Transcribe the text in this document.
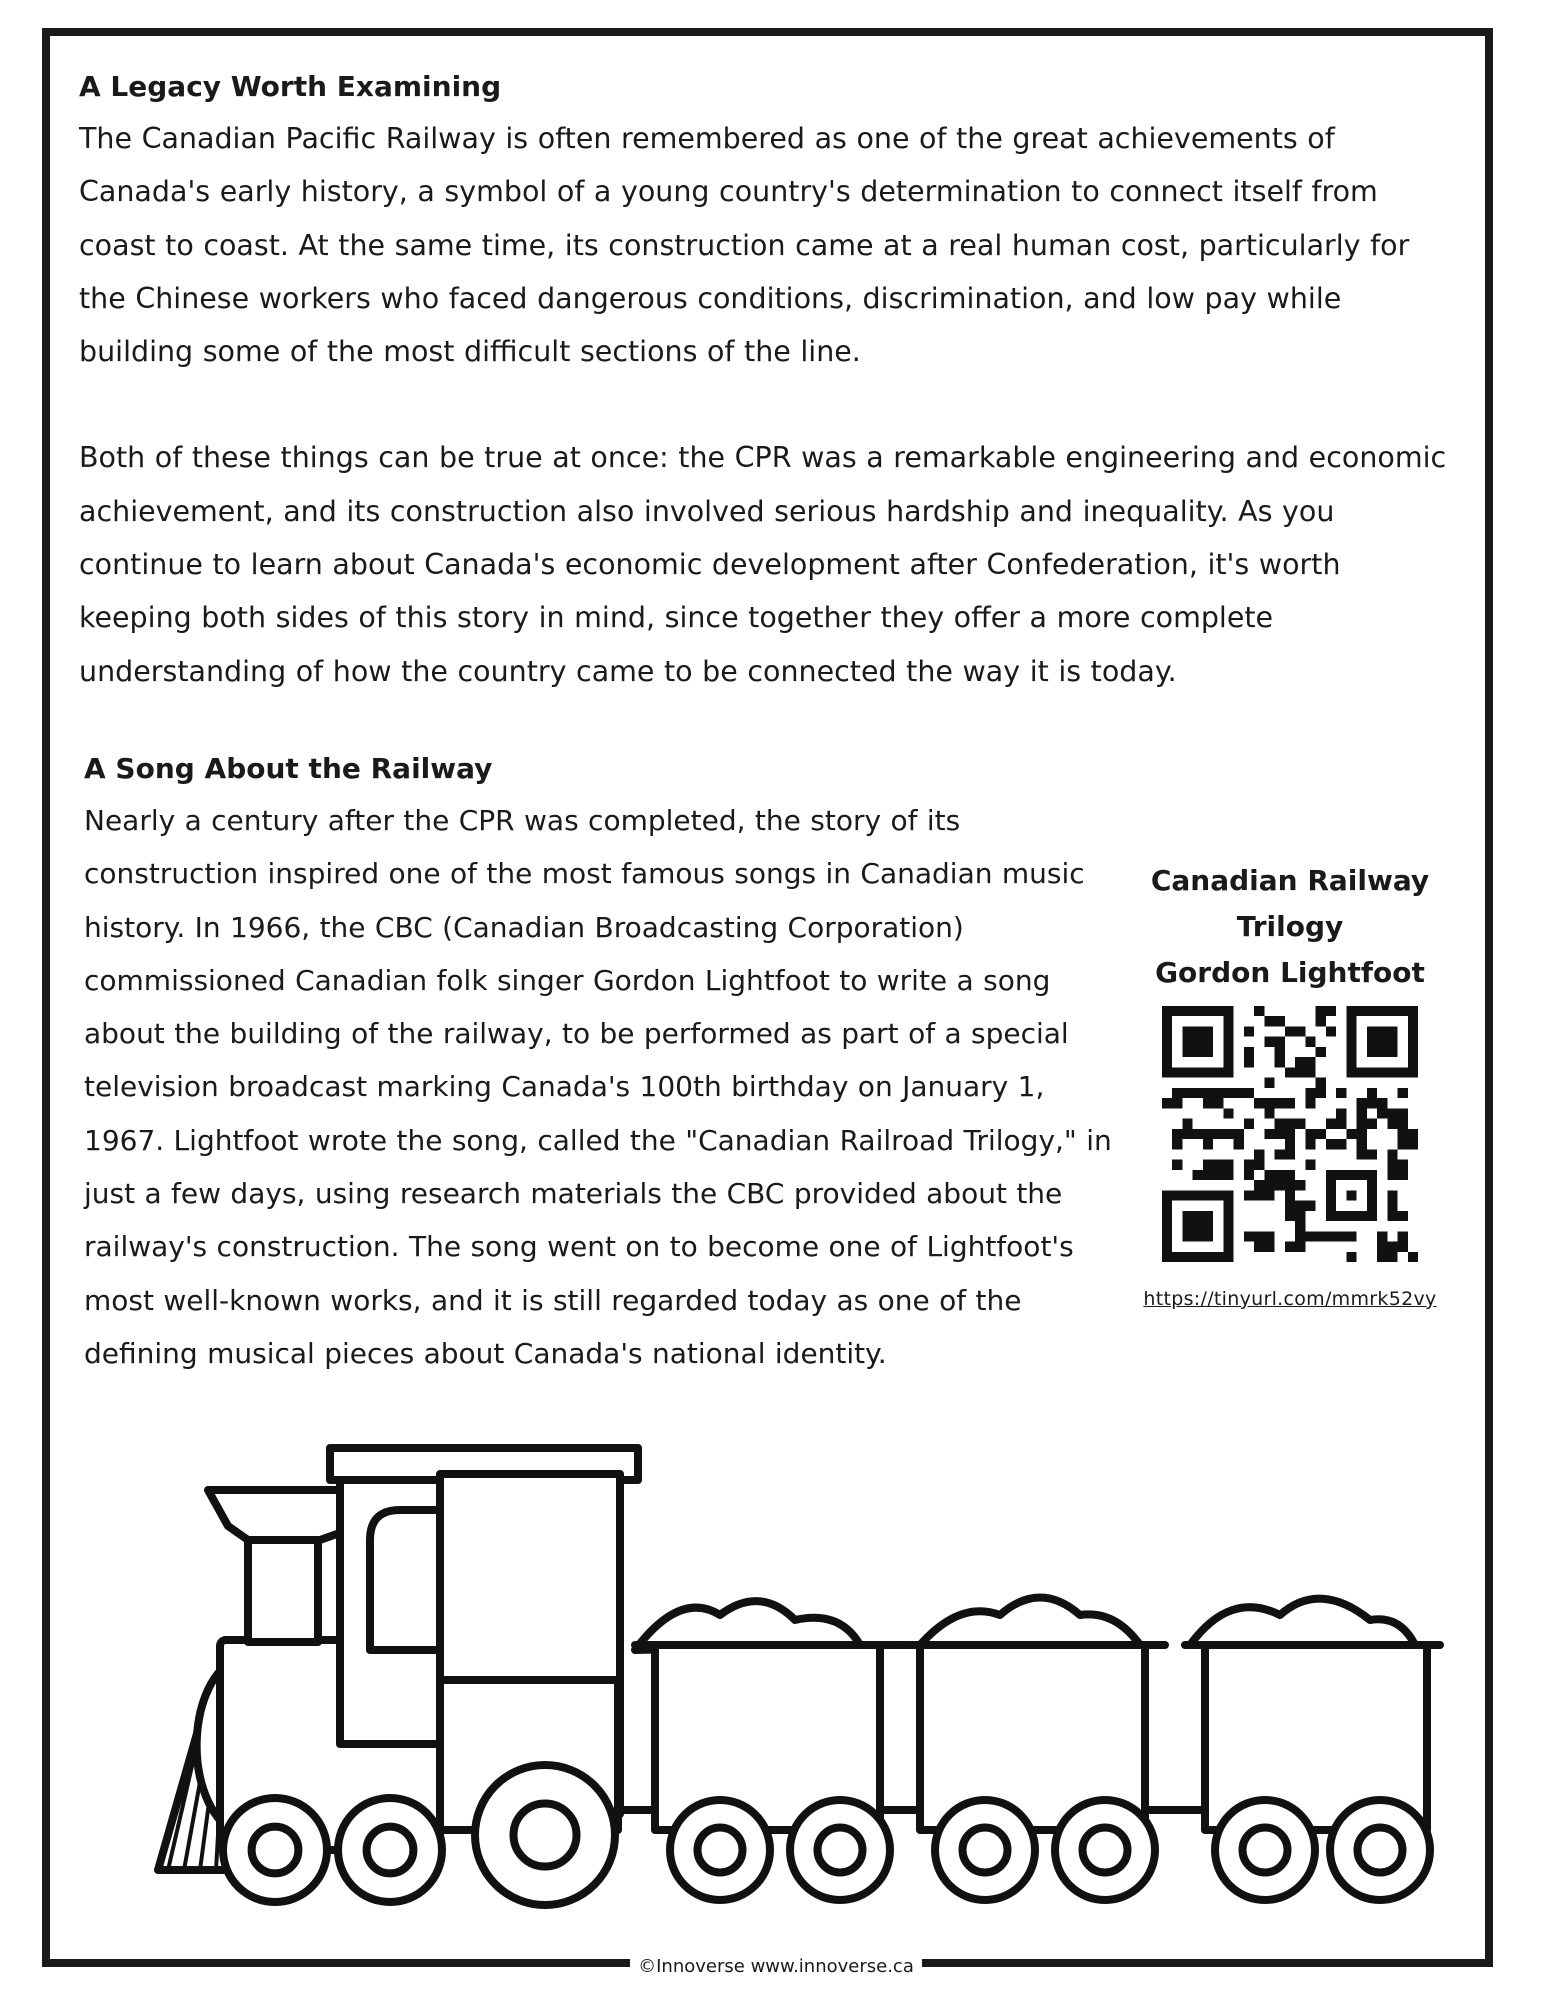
©Innoverse www.innoverse.ca
A Legacy Worth Examining

The Canadian Pacific Railway is often remembered as one of the great achievements of Canada's early history, a symbol of a young country's determination to connect itself from coast to coast. At the same time, its construction came at a real human cost, particularly for the Chinese workers who faced dangerous conditions, discrimination, and low pay while building some of the most difficult sections of the line.

Both of these things can be true at once: the CPR was a remarkable engineering and economic achievement, and its construction also involved serious hardship and inequality. As you continue to learn about Canada's economic development after Confederation, it's worth keeping both sides of this story in mind, since together they offer a more complete understanding of how the country came to be connected the way it is today.

A Song About the Railway

Nearly a century after the CPR was completed, the story of its construction inspired one of the most famous songs in Canadian music history. In 1966, the CBC (Canadian Broadcasting Corporation) commissioned Canadian folk singer Gordon Lightfoot to write a song about the building of the railway, to be performed as part of a special television broadcast marking Canada's 100th birthday on January 1, 1967. Lightfoot wrote the song, called the "Canadian Railroad Trilogy," in just a few days, using research materials the CBC provided about the railway's construction. The song went on to become one of Lightfoot's most well-known works, and it is still regarded today as one of the defining musical pieces about Canada's national identity.

Canadian Railway

Trilogy

Gordon Lightfoot

https://tinyurl.com/mmrk52vy
